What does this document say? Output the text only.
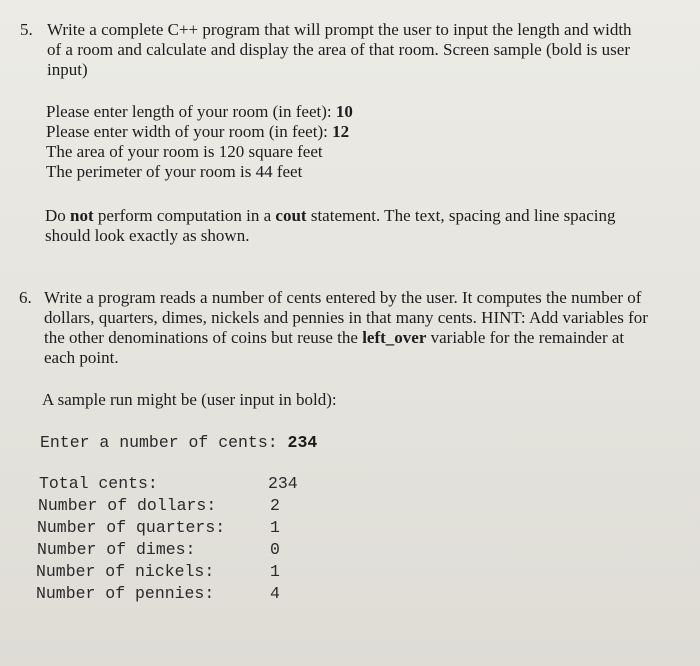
5. Write a complete C++ program that will prompt the user to input the length and width
of a room and calculate and display the area of that room. Screen sample (bold is user
input)
Please enter length of your room (in feet): 10
Please enter width of your room (in feet): 12
The area of your room is 120 square feet
The perimeter of your room is 44 feet
Do not perform computation in a cout statement. The text, spacing and line spacing
should look exactly as shown.
6. Write a program reads a number of cents entered by the user. It computes the number of
dollars, quarters, dimes, nickels and pennies in that many cents. HINT: Add variables for
the other denominations of coins but reuse the left_over variable for the remainder at
each point.
A sample run might be (user input in bold):
Enter a number of cents: 234
Total cents:	234
Number of dollars:	2
Number of quarters:	1
Number of dimes:	0
Number of nickels:	1
Number of pennies:	4
